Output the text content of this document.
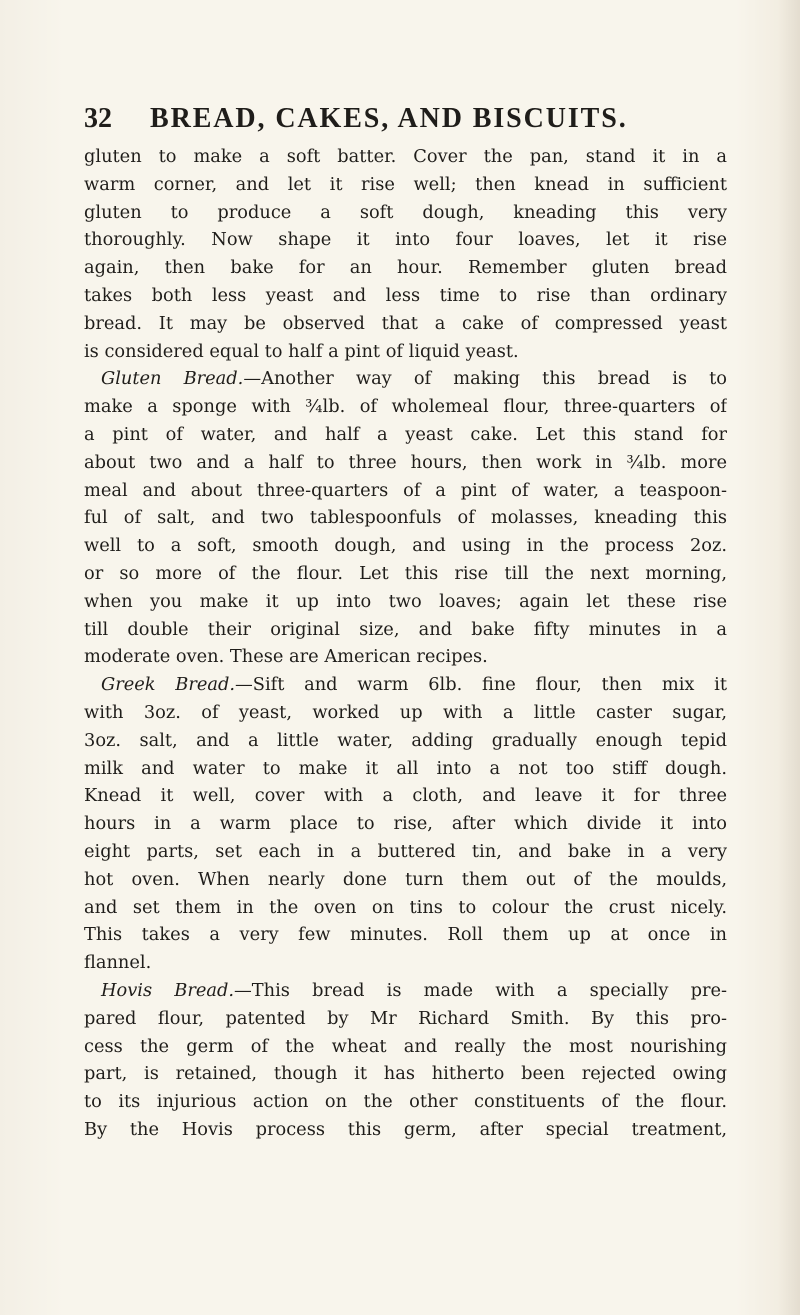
32	BREAD, CAKES, AND BISCUITS.
gluten to make a soft batter. Cover the pan, stand it in a
warm corner, and let it rise well; then knead in sufficient
gluten to produce a soft dough, kneading this very
thoroughly. Now shape it into four loaves, let it rise
again, then bake for an hour. Remember gluten bread
takes both less yeast and less time to rise than ordinary
bread. It may be observed that a cake of compressed yeast
is considered equal to half a pint of liquid yeast.
Gluten Bread.—Another way of making this bread is to
make a sponge with ¾lb. of wholemeal flour, three-quarters of
a pint of water, and half a yeast cake. Let this stand for
about two and a half to three hours, then work in ¾lb. more
meal and about three-quarters of a pint of water, a teaspoon-
ful of salt, and two tablespoonfuls of molasses, kneading this
well to a soft, smooth dough, and using in the process 2oz.
or so more of the flour. Let this rise till the next morning,
when you make it up into two loaves; again let these rise
till double their original size, and bake fifty minutes in a
moderate oven. These are American recipes.
Greek Bread.—Sift and warm 6lb. fine flour, then mix it
with 3oz. of yeast, worked up with a little caster sugar,
3oz. salt, and a little water, adding gradually enough tepid
milk and water to make it all into a not too stiff dough.
Knead it well, cover with a cloth, and leave it for three
hours in a warm place to rise, after which divide it into
eight parts, set each in a buttered tin, and bake in a very
hot oven. When nearly done turn them out of the moulds,
and set them in the oven on tins to colour the crust nicely.
This takes a very few minutes. Roll them up at once in
flannel.
Hovis Bread.—This bread is made with a specially pre-
pared flour, patented by Mr Richard Smith. By this pro-
cess the germ of the wheat and really the most nourishing
part, is retained, though it has hitherto been rejected owing
to its injurious action on the other constituents of the flour.
By the Hovis process this germ, after special treatment,
